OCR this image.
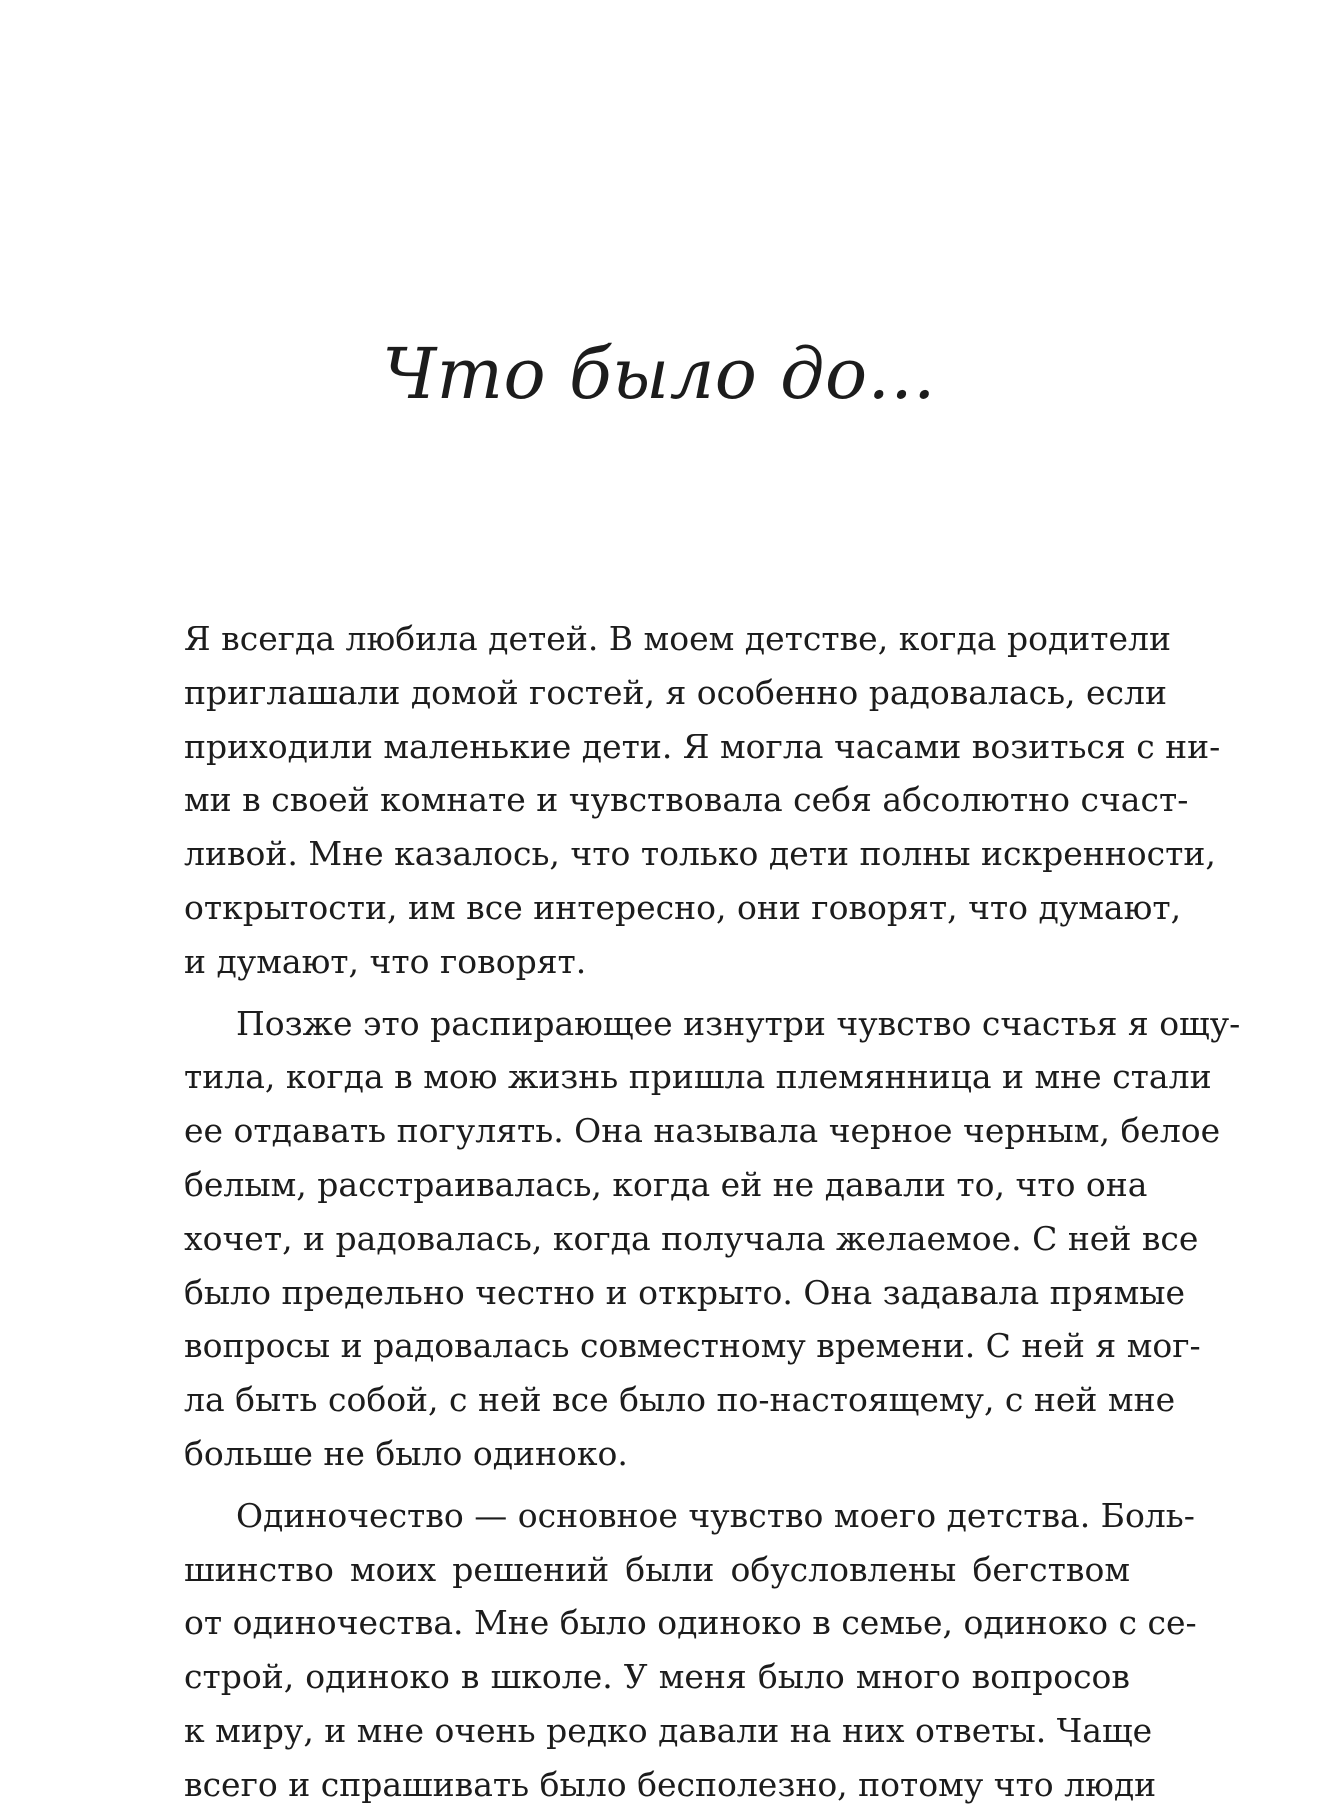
Что было до...
Я всегда любила детей. В моем детстве, когда родители
приглашали домой гостей, я особенно радовалась, если
приходили маленькие дети. Я могла часами возиться с ни-
ми в своей комнате и чувствовала себя абсолютно счаст-
ливой. Мне казалось, что только дети полны искренности,
открытости, им все интересно, они говорят, что думают,
и думают, что говорят.
Позже это распирающее изнутри чувство счастья я ощу-
тила, когда в мою жизнь пришла племянница и мне стали
ее отдавать погулять. Она называла черное черным, белое
белым, расстраивалась, когда ей не давали то, что она
хочет, и радовалась, когда получала желаемое. С ней все
было предельно честно и открыто. Она задавала прямые
вопросы и радовалась совместному времени. С ней я мог-
ла быть собой, с ней все было по-настоящему, с ней мне
больше не было одиноко.
Одиночество — основное чувство моего детства. Боль-
шинство моих решений были обусловлены бегством
от одиночества. Мне было одиноко в семье, одиноко с се-
строй, одиноко в школе. У меня было много вопросов
к миру, и мне очень редко давали на них ответы. Чаще
всего и спрашивать было бесполезно, потому что люди
